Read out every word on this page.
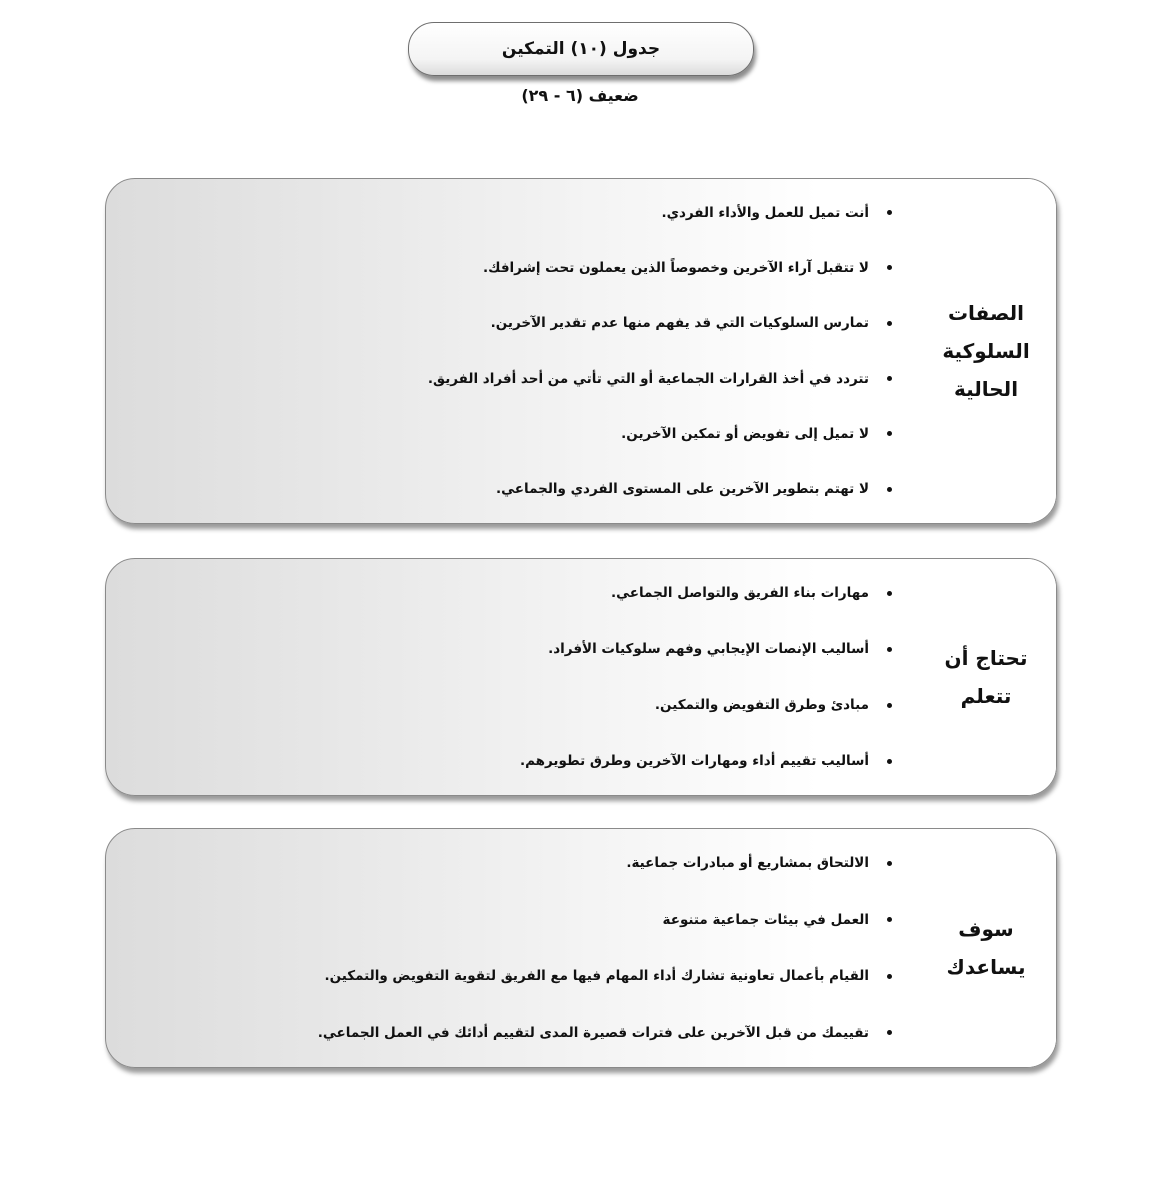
جدول (١٠) التمكين
ضعيف (٦ - ٢٩)
الصفات
السلوكية
الحالية
أنت تميل للعمل والأداء الفردي.
لا تتقبل آراء الآخرين وخصوصاً الذين يعملون تحت إشرافك.
تمارس السلوكيات التي قد يفهم منها عدم تقدير الآخرين.
تتردد في أخذ القرارات الجماعية أو التي تأتي من أحد أفراد الفريق.
لا تميل إلى تفويض أو تمكين الآخرين.
لا تهتم بتطوير الآخرين على المستوى الفردي والجماعي.
تحتاج أن
تتعلم
مهارات بناء الفريق والتواصل الجماعي.
أساليب الإنصات الإيجابي وفهم سلوكيات الأفراد.
مبادئ وطرق التفويض والتمكين.
أساليب تقييم أداء ومهارات الآخرين وطرق تطويرهم.
سوف
يساعدك
الالتحاق بمشاريع أو مبادرات جماعية.
العمل في بيئات جماعية متنوعة
القيام بأعمال تعاونية تشارك أداء المهام فيها مع الفريق لتقوية التفويض والتمكين.
تقييمك من قبل الآخرين على فترات قصيرة المدى لتقييم أدائك في العمل الجماعي.
